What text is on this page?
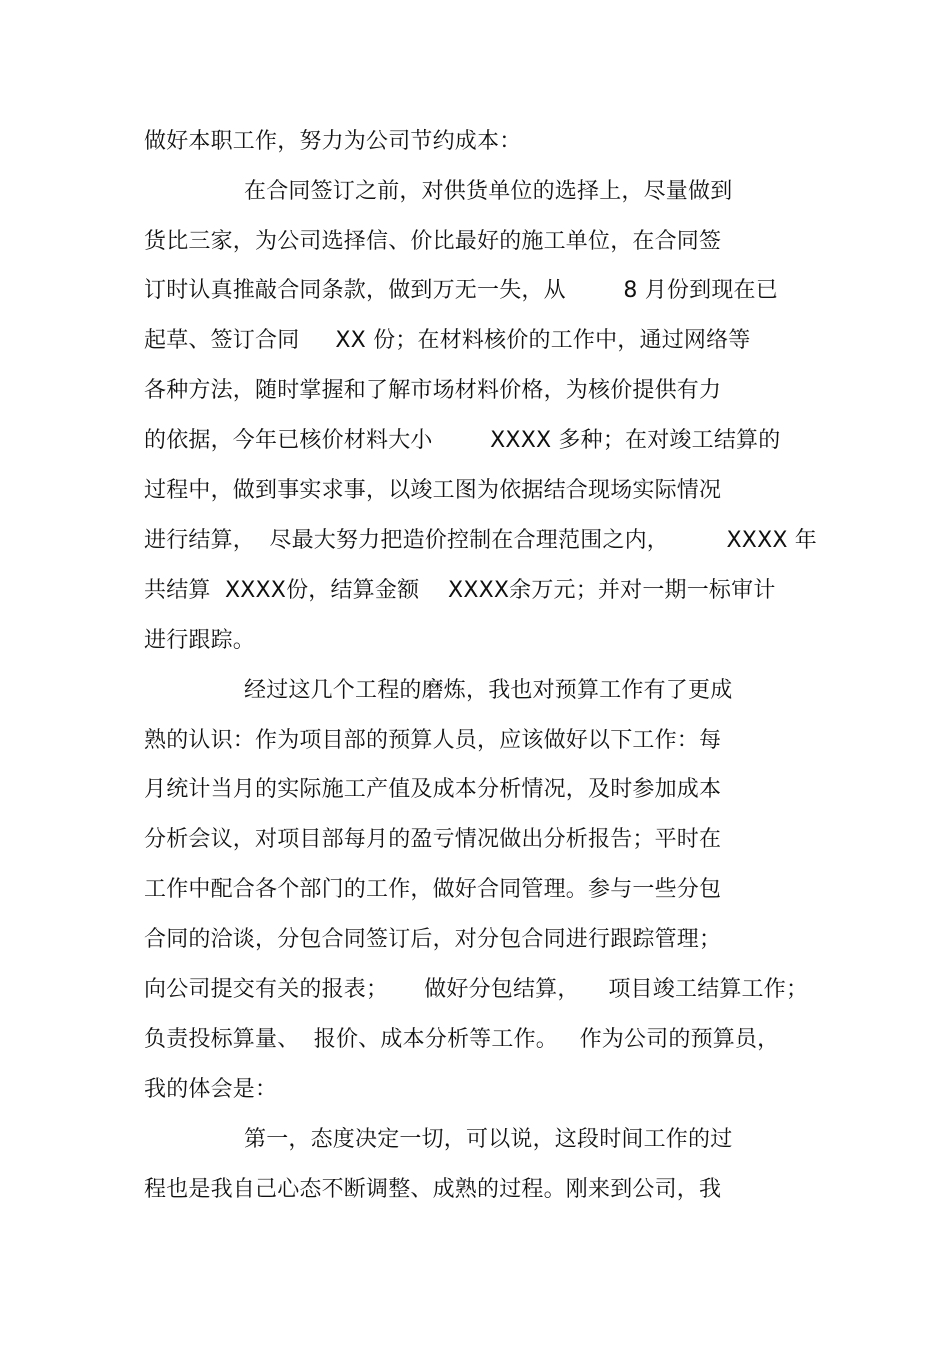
做好本职工作，努力为公司节约成本：
在合同签订之前，对供货单位的选择上，尽量做到
货比三家，为公司选择信、价比最好的施工单位，在合同签
订时认真推敲合同条款，做到万无一失，从        8 月份到现在已
起草、签订合同     XX 份；在材料核价的工作中，通过网络等
各种方法，随时掌握和了解市场材料价格，为核价提供有力
的依据，今年已核价材料大小        XXXX 多种；在对竣工结算的
过程中，做到事实求事，以竣工图为依据结合现场实际情况
进行结算，  尽最大努力把造价控制在合理范围之内，        XXXX 年
共结算  XXXX份，结算金额    XXXX余万元；并对一期一标审计
进行跟踪。
经过这几个工程的磨炼，我也对预算工作有了更成
熟的认识：作为项目部的预算人员，应该做好以下工作：每
月统计当月的实际施工产值及成本分析情况，及时参加成本
分析会议，对项目部每月的盈亏情况做出分析报告；平时在
工作中配合各个部门的工作，做好合同管理。参与一些分包
合同的洽谈，分包合同签订后，对分包合同进行跟踪管理；
向公司提交有关的报表；     做好分包结算，    项目竣工结算工作；
负责投标算量、  报价、成本分析等工作。   作为公司的预算员，
我的体会是：
第一，态度决定一切，可以说，这段时间工作的过
程也是我自己心态不断调整、成熟的过程。刚来到公司，我
